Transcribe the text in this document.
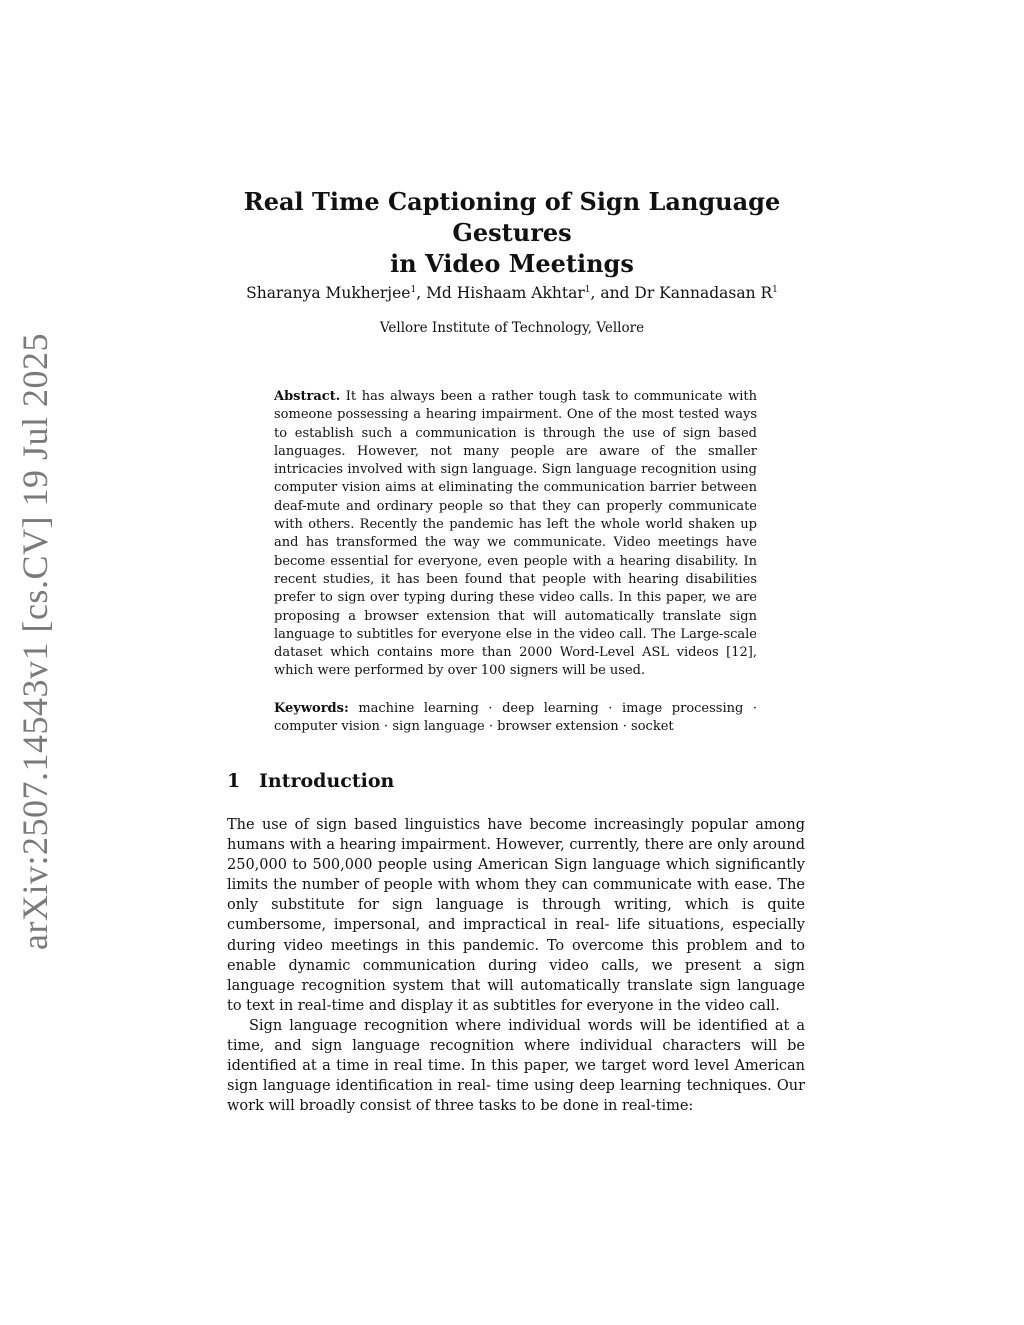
arXiv:2507.14543v1 [cs.CV] 19 Jul 2025
Real Time Captioning of Sign Language Gestures
in Video Meetings
Sharanya Mukherjee$^1$, Md Hishaam Akhtar$^1$, and Dr Kannadasan $R^1$
Vellore Institute of Technology, Vellore
Abstract. It has always been a rather tough task to communicate with someone possessing a hearing impairment. One of the most tested ways to establish such a communication is through the use of sign based languages. However, not many people are aware of the smaller intricacies involved with sign language. Sign language recognition using computer vision aims at eliminating the communication barrier between deaf-mute and ordinary people so that they can properly communicate with others. Recently the pandemic has left the whole world shaken up and has transformed the way we communicate. Video meetings have become essential for everyone, even people with a hearing disability. In recent studies, it has been found that people with hearing disabilities prefer to sign over typing during these video calls. In this paper, we are proposing a browser extension that will automatically translate sign language to subtitles for everyone else in the video call. The Large-scale dataset which contains more than 2000 Word-Level ASL videos [12], which were performed by over 100 signers will be used.
Keywords: machine learning · deep learning · image processing · computer vision · sign language · browser extension · socket
1 Introduction

The use of sign based linguistics have become increasingly popular among humans with a hearing impairment. However, currently, there are only around 250,000 to 500,000 people using American Sign language which significantly limits the number of people with whom they can communicate with ease. The only substitute for sign language is through writing, which is quite cumbersome, impersonal, and impractical in real- life situations, especially during video meetings in this pandemic. To overcome this problem and to enable dynamic communication during video calls, we present a sign language recognition system that will automatically translate sign language to text in real-time and display it as subtitles for everyone in the video call.

Sign language recognition where individual words will be identified at a time, and sign language recognition where individual characters will be identified at a time in real time. In this paper, we target word level American sign language identification in real- time using deep learning techniques. Our work will broadly consist of three tasks to be done in real-time:
